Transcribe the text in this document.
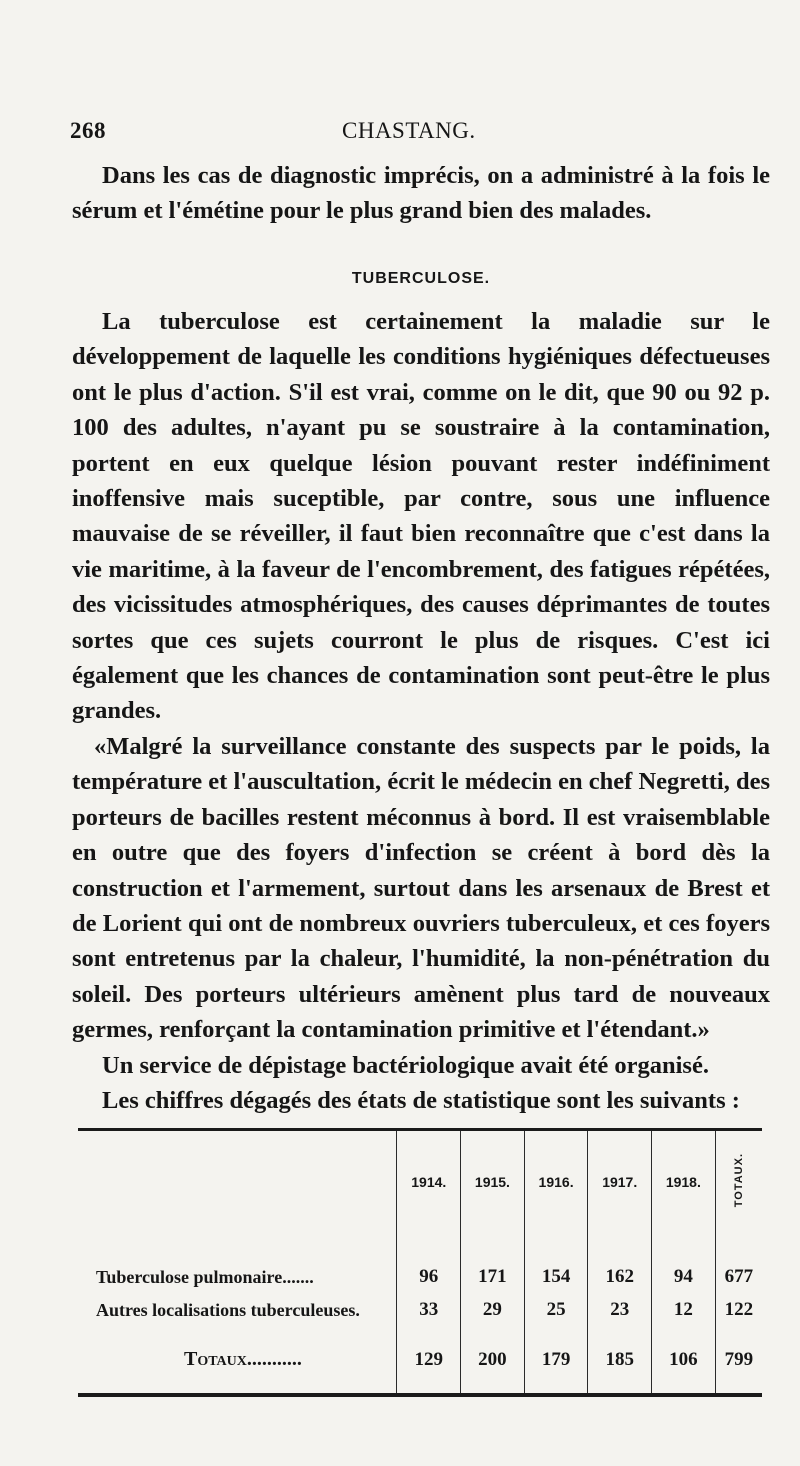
268	CHASTANG.
Dans les cas de diagnostic imprécis, on a administré à la fois le sérum et l'émétine pour le plus grand bien des malades.
TUBERCULOSE.
La tuberculose est certainement la maladie sur le développement de laquelle les conditions hygiéniques défectueuses ont le plus d'action. S'il est vrai, comme on le dit, que 90 ou 92 p. 100 des adultes, n'ayant pu se soustraire à la contamination, portent en eux quelque lésion pouvant rester indéfiniment inoffensive mais suceptible, par contre, sous une influence mauvaise de se réveiller, il faut bien reconnaître que c'est dans la vie maritime, à la faveur de l'encombrement, des fatigues répétées, des vicissitudes atmosphériques, des causes déprimantes de toutes sortes que ces sujets courront le plus de risques. C'est ici également que les chances de contamination sont peut-être le plus grandes.
«Malgré la surveillance constante des suspects par le poids, la température et l'auscultation, écrit le médecin en chef Negretti, des porteurs de bacilles restent méconnus à bord. Il est vraisemblable en outre que des foyers d'infection se créent à bord dès la construction et l'armement, surtout dans les arsenaux de Brest et de Lorient qui ont de nombreux ouvriers tuberculeux, et ces foyers sont entretenus par la chaleur, l'humidité, la non-pénétration du soleil. Des porteurs ultérieurs amènent plus tard de nouveaux germes, renforçant la contamination primitive et l'étendant.»
Un service de dépistage bactériologique avait été organisé.
Les chiffres dégagés des états de statistique sont les suivants :
	1914.	1915.	1916.	1917.	1918.	TOTAUX.

Tuberculose pulmonaire.......	96	171	154	162	94	677
Autres localisations tuberculeuses.	33	29	25	23	12	122
Totaux...........	129	200	179	185	106	799
